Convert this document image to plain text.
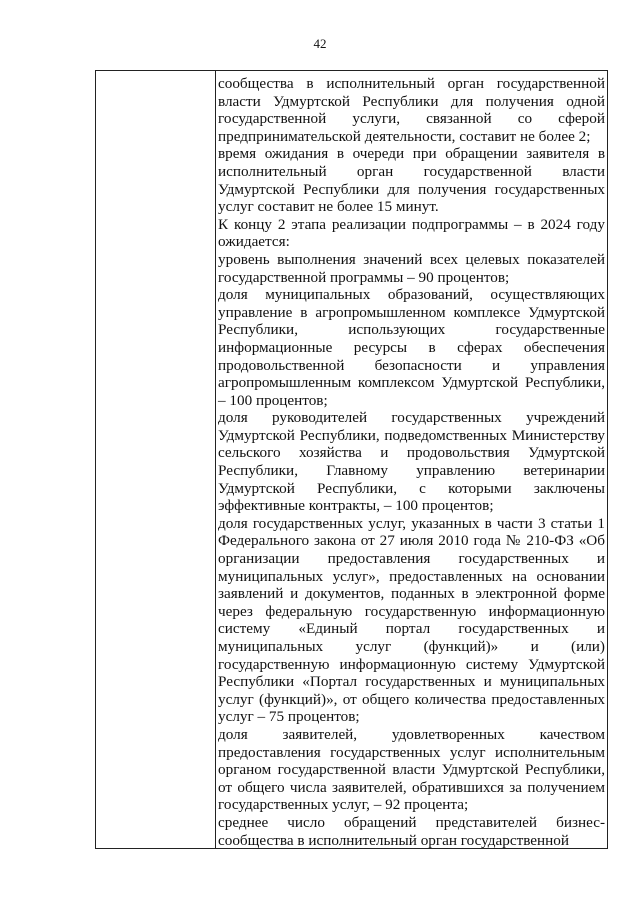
42

сообщества в исполнительный орган государственной власти Удмуртской Республики для получения одной государственной услуги, связанной со сферой предпринимательской деятельности, составит не более 2;

время ожидания в очереди при обращении заявителя в исполнительный орган государственной власти Удмуртской Республики для получения государственных услуг составит не более 15 минут.

К концу 2 этапа реализации подпрограммы – в 2024 году ожидается:

уровень выполнения значений всех целевых показателей государственной программы – 90 процентов;

доля муниципальных образований, осуществляющих управление в агропромышленном комплексе Удмуртской Республики, использующих государственные информационные ресурсы в сферах обеспечения продовольственной безопасности и управления агропромышленным комплексом Удмуртской Республики, – 100 процентов;

доля руководителей государственных учреждений Удмуртской Республики, подведомственных Министерству сельского хозяйства и продовольствия Удмуртской Республики, Главному управлению ветеринарии Удмуртской Республики, с которыми заключены эффективные контракты, – 100 процентов;

доля государственных услуг, указанных в части 3 статьи 1 Федерального закона от 27 июля 2010 года № 210-ФЗ «Об организации предоставления государственных и муниципальных услуг», предоставленных на основании заявлений и документов, поданных в электронной форме через федеральную государственную информационную систему «Единый портал государственных и муниципальных услуг (функций)» и (или) государственную информационную систему Удмуртской Республики «Портал государственных и муниципальных услуг (функций)», от общего количества предоставленных услуг – 75 процентов;

доля заявителей, удовлетворенных качеством предоставления государственных услуг исполнительным органом государственной власти Удмуртской Республики, от общего числа заявителей, обратившихся за получением государственных услуг, – 92 процента;

среднее число обращений представителей бизнес-сообщества в исполнительный орган государственной
